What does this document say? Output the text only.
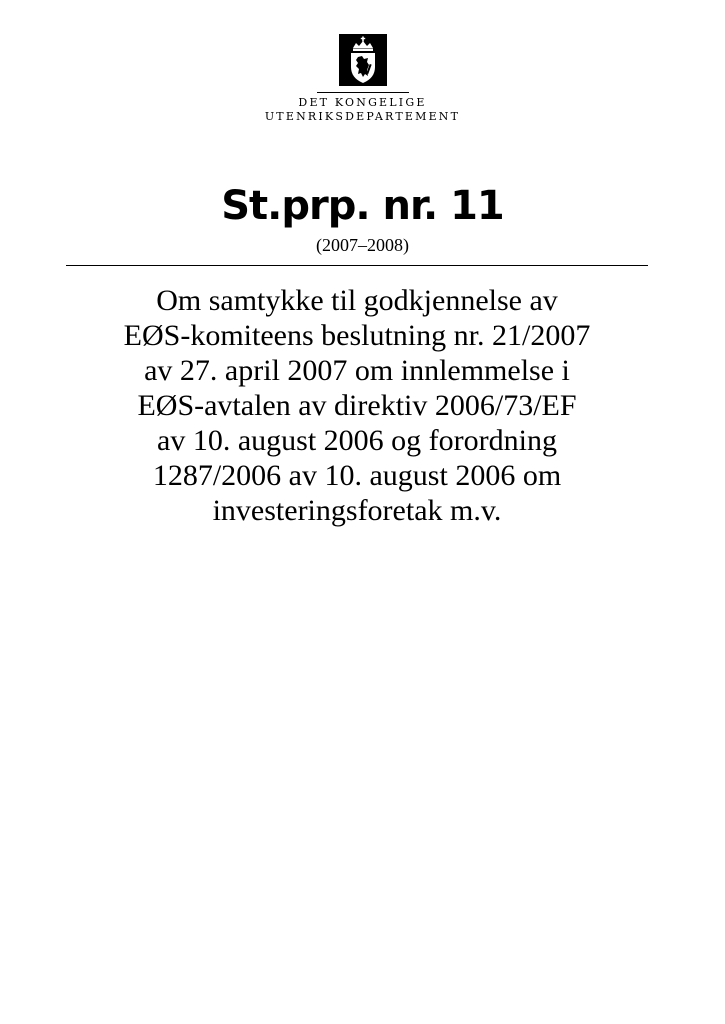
DET KONGELIGE
UTENRIKSDEPARTEMENT
St.prp. nr. 11
(2007–2008)
Om samtykke til godkjennelse av
EØS-komiteens beslutning nr. 21/2007
av 27. april 2007 om innlemmelse i
EØS-avtalen av direktiv 2006/73/EF
av 10. august 2006 og forordning
1287/2006 av 10. august 2006 om
investeringsforetak m.v.
